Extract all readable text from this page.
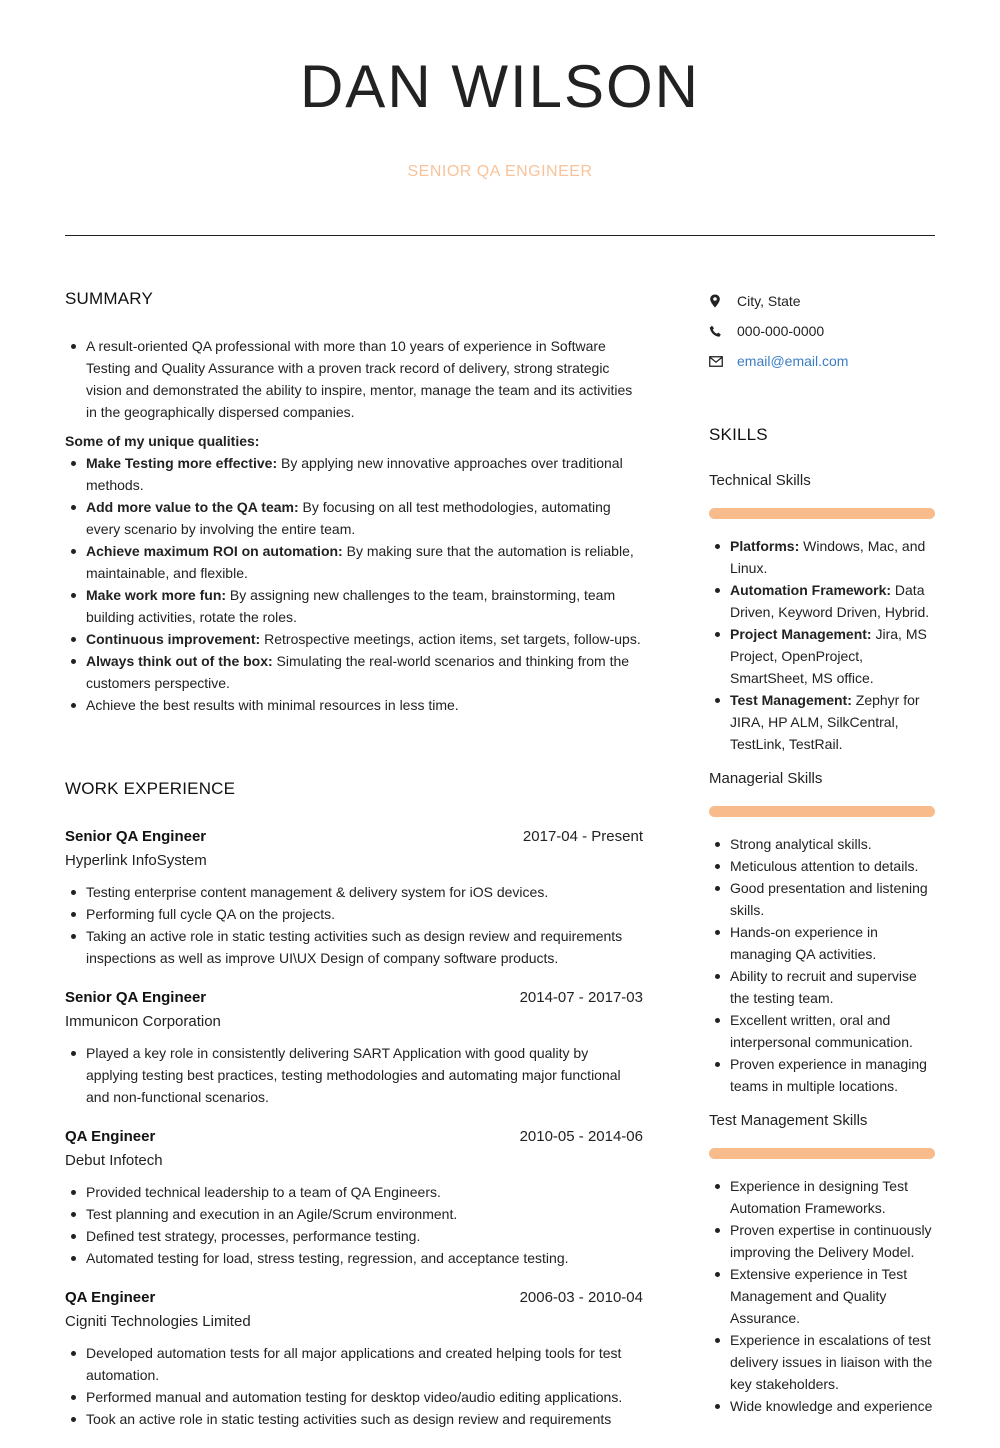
DAN WILSON
SENIOR QA ENGINEER
SUMMARY
A result-oriented QA professional with more than 10 years of experience in Software Testing and Quality Assurance with a proven track record of delivery, strong strategic vision and demonstrated the ability to inspire, mentor, manage the team and its activities in the geographically dispersed companies.

Some of my unique qualities:

Make Testing more effective: By applying new innovative approaches over traditional methods.
Add more value to the QA team: By focusing on all test methodologies, automating every scenario by involving the entire team.
Achieve maximum ROI on automation: By making sure that the automation is reliable, maintainable, and flexible.
Make work more fun: By assigning new challenges to the team, brainstorming, team building activities, rotate the roles.
Continuous improvement: Retrospective meetings, action items, set targets, follow-ups.
Always think out of the box: Simulating the real-world scenarios and thinking from the customers perspective.
Achieve the best results with minimal resources in less time.
WORK EXPERIENCE
Senior QA Engineer	2017-04 - Present
Hyperlink InfoSystem
Testing enterprise content management & delivery system for iOS devices.
Performing full cycle QA on the projects.
Taking an active role in static testing activities such as design review and requirements inspections as well as improve UI\UX Design of company software products.
Senior QA Engineer	2014-07 - 2017-03
Immunicon Corporation
Played a key role in consistently delivering SART Application with good quality by applying testing best practices, testing methodologies and automating major functional and non-functional scenarios.
QA Engineer	2010-05 - 2014-06
Debut Infotech
Provided technical leadership to a team of QA Engineers.
Test planning and execution in an Agile/Scrum environment.
Defined test strategy, processes, performance testing.
Automated testing for load, stress testing, regression, and acceptance testing.
QA Engineer	2006-03 - 2010-04
Cigniti Technologies Limited
Developed automation tests for all major applications and created helping tools for test automation.
Performed manual and automation testing for desktop video/audio editing applications.
Took an active role in static testing activities such as design review and requirements
City, State
000-000-0000
email@email.com
SKILLS
Technical Skills
Platforms: Windows, Mac, and Linux.
Automation Framework: Data Driven, Keyword Driven, Hybrid.
Project Management: Jira, MS Project, OpenProject, SmartSheet, MS office.
Test Management: Zephyr for JIRA, HP ALM, SilkCentral, TestLink, TestRail.
Managerial Skills
Strong analytical skills.
Meticulous attention to details.
Good presentation and listening skills.
Hands-on experience in managing QA activities.
Ability to recruit and supervise the testing team.
Excellent written, oral and interpersonal communication.
Proven experience in managing teams in multiple locations.
Test Management Skills
Experience in designing Test Automation Frameworks.
Proven expertise in continuously improving the Delivery Model.
Extensive experience in Test Management and Quality Assurance.
Experience in escalations of test delivery issues in liaison with the key stakeholders.
Wide knowledge and experience
